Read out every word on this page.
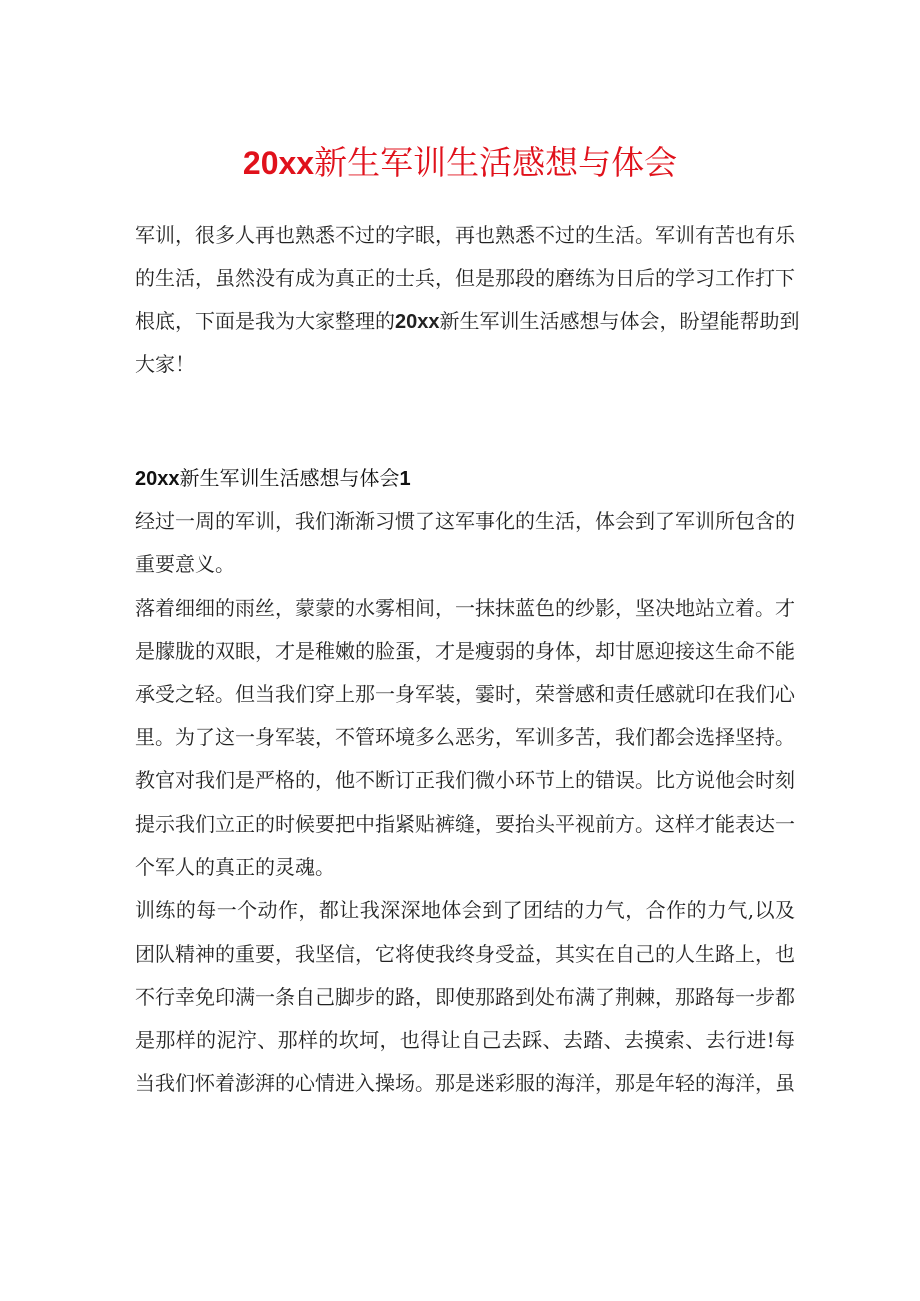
20xx新生军训生活感想与体会
军训，很多人再也熟悉不过的字眼，再也熟悉不过的生活。军训有苦也有乐
的生活，虽然没有成为真正的士兵，但是那段的磨练为日后的学习工作打下
根底，下面是我为大家整理的20xx新生军训生活感想与体会，盼望能帮助到
大家！
20xx新生军训生活感想与体会1
经过一周的军训，我们渐渐习惯了这军事化的生活，体会到了军训所包含的
重要意义。
落着细细的雨丝，蒙蒙的水雾相间，一抹抹蓝色的纱影，坚决地站立着。才
是朦胧的双眼，才是稚嫩的脸蛋，才是瘦弱的身体，却甘愿迎接这生命不能
承受之轻。但当我们穿上那一身军装，霎时，荣誉感和责任感就印在我们心
里。为了这一身军装，不管环境多么恶劣，军训多苦，我们都会选择坚持。
教官对我们是严格的，他不断订正我们微小环节上的错误。比方说他会时刻
提示我们立正的时候要把中指紧贴裤缝，要抬头平视前方。这样才能表达一
个军人的真正的灵魂。
训练的每一个动作，都让我深深地体会到了团结的力气，合作的力气,以及
团队精神的重要，我坚信，它将使我终身受益，其实在自己的人生路上，也
不行幸免印满一条自己脚步的路，即使那路到处布满了荆棘，那路每一步都
是那样的泥泞、那样的坎坷，也得让自己去踩、去踏、去摸索、去行进!每
当我们怀着澎湃的心情进入操场。那是迷彩服的海洋，那是年轻的海洋，虽
